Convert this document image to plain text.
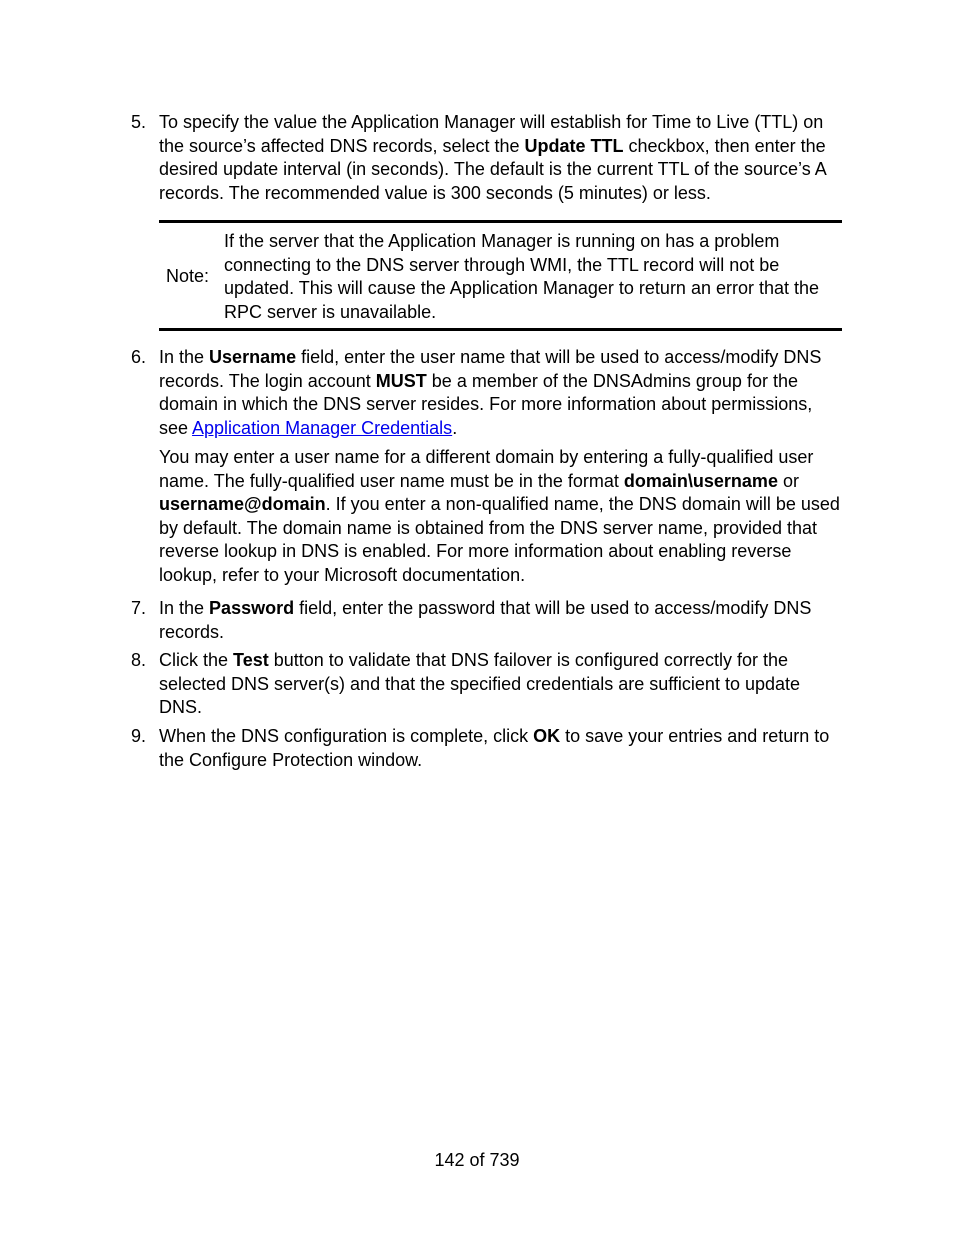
5. To specify the value the Application Manager will establish for Time to Live (TTL) on the source’s affected DNS records, select the Update TTL checkbox, then enter the desired update interval (in seconds). The default is the current TTL of the source’s A records. The recommended value is 300 seconds (5 minutes) or less.

Note:
If the server that the Application Manager is running on has a problem connecting to the DNS server through WMI, the TTL record will not be updated. This will cause the Application Manager to return an error that the RPC server is unavailable.
6. In the Username field, enter the user name that will be used to access/modify DNS records. The login account MUST be a member of the DNSAdmins group for the domain in which the DNS server resides. For more information about permissions, see Application Manager Credentials.

You may enter a user name for a different domain by entering a fully-qualified user name. The fully-qualified user name must be in the format domain\username or username@domain. If you enter a non-qualified name, the DNS domain will be used by default. The domain name is obtained from the DNS server name, provided that reverse lookup in DNS is enabled. For more information about enabling reverse lookup, refer to your Microsoft documentation.

7. In the Password field, enter the password that will be used to access/modify DNS records.

8. Click the Test button to validate that DNS failover is configured correctly for the selected DNS server(s) and that the specified credentials are sufficient to update DNS.

9. When the DNS configuration is complete, click OK to save your entries and return to the Configure Protection window.

142 of 739
